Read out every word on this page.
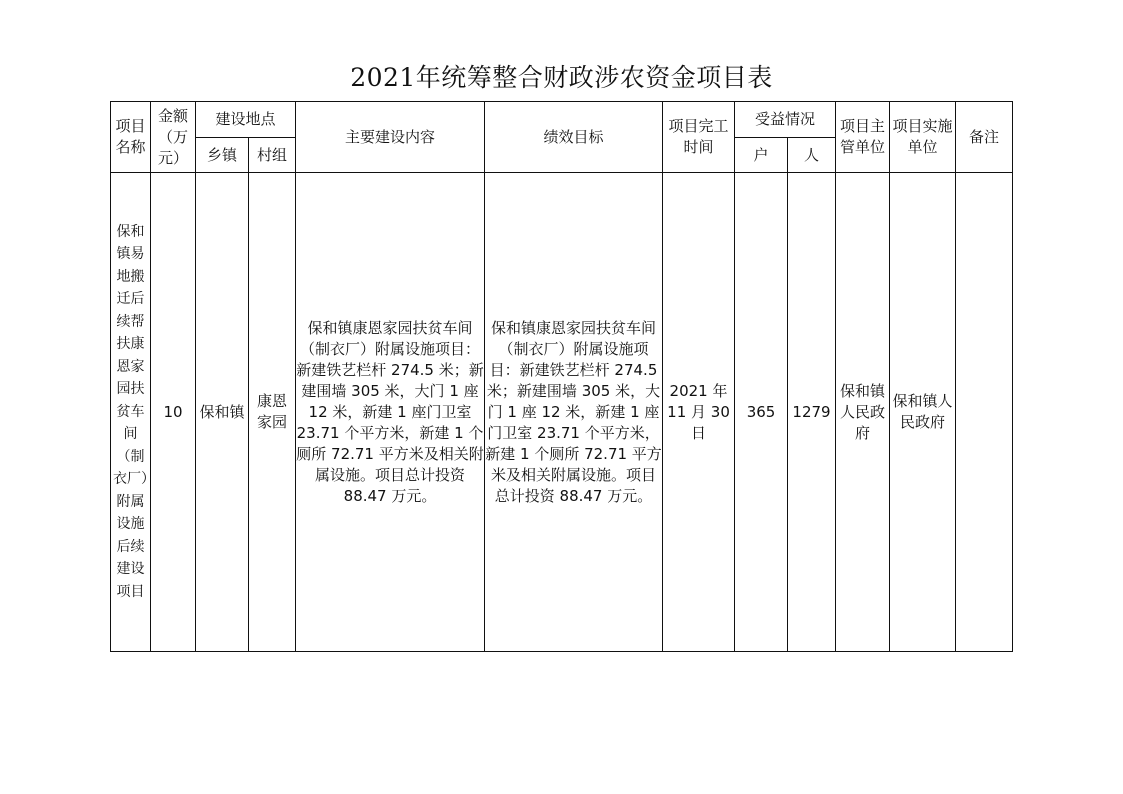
2021年统筹整合财政涉农资金项目表
项目名称	金额（万元）	建设地点		主要建设内容	绩效目标	项目完工时间	受益情况		项目主管单位	项目实施单位	备注
		乡镇	村组				户	人			
保和镇易地搬迁后续帮扶康恩家园扶贫车间（制衣厂）附属设施后续建设项目	10	保和镇	康恩家园	保和镇康恩家园扶贫车间（制衣厂）附属设施项目：新建铁艺栏杆 274.5 米；新建围墙 305 米，大门 1 座 12 米，新建 1 座门卫室 23.71 个平方米，新建 1 个厕所 72.71 平方米及相关附属设施。项目总计投资 88.47 万元。	保和镇康恩家园扶贫车间（制衣厂）附属设施项目：新建铁艺栏杆 274.5 米；新建围墙 305 米，大门 1 座 12 米，新建 1 座门卫室 23.71 个平方米，新建 1 个厕所 72.71 平方米及相关附属设施。项目总计投资 88.47 万元。	2021 年 11 月 30 日	365	1279	保和镇人民政府	保和镇人民政府	
